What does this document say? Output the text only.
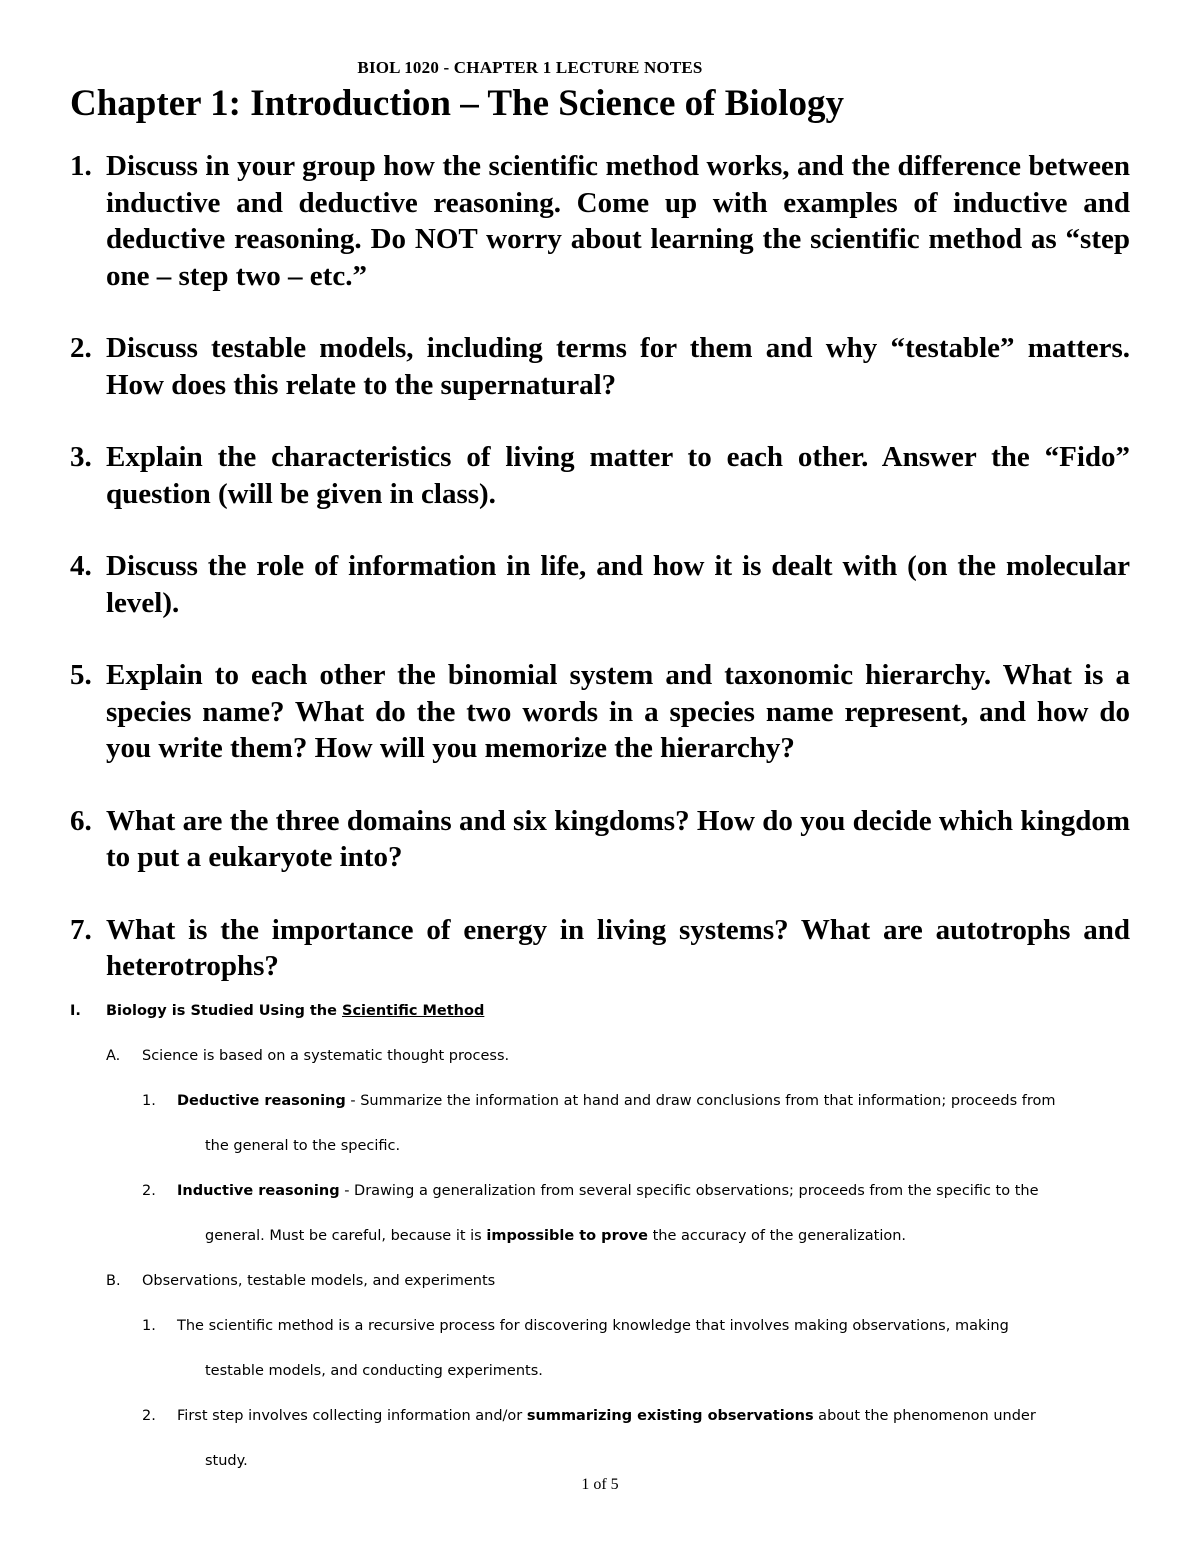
BIOL 1020 - CHAPTER 1 LECTURE NOTES
Chapter 1: Introduction – The Science of Biology
1. Discuss in your group how the scientific method works, and the difference between inductive and deductive reasoning. Come up with examples of inductive and deductive reasoning. Do NOT worry about learning the scientific method as “step one – step two – etc.”
2. Discuss testable models, including terms for them and why “testable” matters. How does this relate to the supernatural?
3. Explain the characteristics of living matter to each other. Answer the “Fido” question (will be given in class).
4. Discuss the role of information in life, and how it is dealt with (on the molecular level).
5. Explain to each other the binomial system and taxonomic hierarchy. What is a species name? What do the two words in a species name represent, and how do you write them? How will you memorize the hierarchy?
6. What are the three domains and six kingdoms? How do you decide which kingdom to put a eukaryote into?
7. What is the importance of energy in living systems? What are autotrophs and heterotrophs?
I. Biology is Studied Using the Scientific Method
A. Science is based on a systematic thought process.
1. Deductive reasoning - Summarize the information at hand and draw conclusions from that information; proceeds from
the general to the specific.
2. Inductive reasoning - Drawing a generalization from several specific observations; proceeds from the specific to the
general. Must be careful, because it is impossible to prove the accuracy of the generalization.
B. Observations, testable models, and experiments
1. The scientific method is a recursive process for discovering knowledge that involves making observations, making
testable models, and conducting experiments.
2. First step involves collecting information and/or summarizing existing observations about the phenomenon under
study.
1 of 5
